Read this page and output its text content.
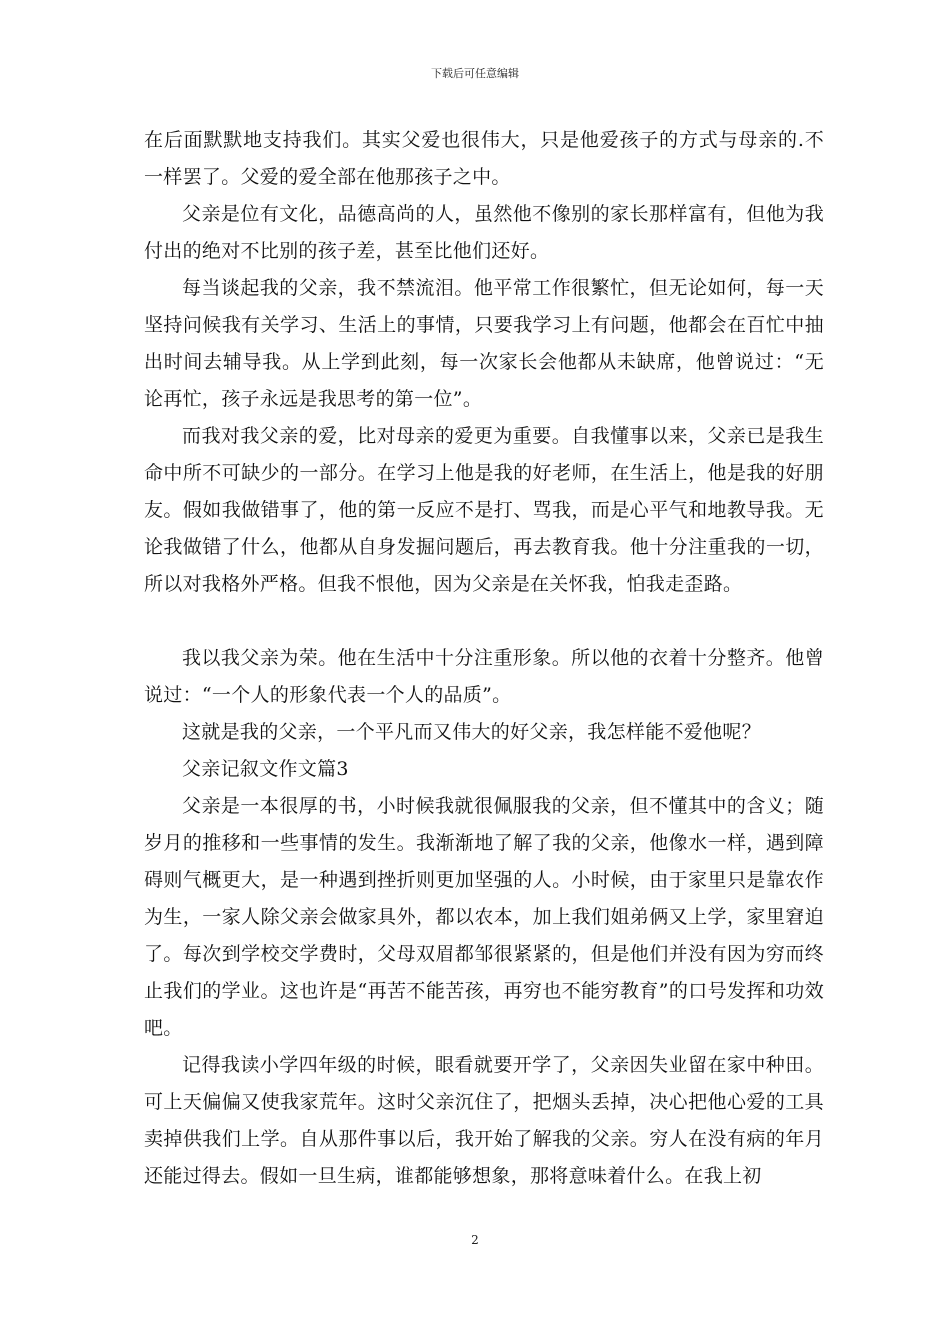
下载后可任意编辑

在后面默默地支持我们。其实父爱也很伟大，只是他爱孩子的方式与母亲的.不一样罢了。父爱的爱全部在他那孩子之中。

父亲是位有文化，品德高尚的人，虽然他不像别的家长那样富有，但他为我付出的绝对不比别的孩子差，甚至比他们还好。

每当谈起我的父亲，我不禁流泪。他平常工作很繁忙，但无论如何，每一天坚持问候我有关学习、生活上的事情，只要我学习上有问题，他都会在百忙中抽出时间去辅导我。从上学到此刻，每一次家长会他都从未缺席，他曾说过：“无论再忙，孩子永远是我思考的第一位”。

而我对我父亲的爱，比对母亲的爱更为重要。自我懂事以来，父亲已是我生命中所不可缺少的一部分。在学习上他是我的好老师，在生活上，他是我的好朋友。假如我做错事了，他的第一反应不是打、骂我，而是心平气和地教导我。无论我做错了什么，他都从自身发掘问题后，再去教育我。他十分注重我的一切，所以对我格外严格。但我不恨他，因为父亲是在关怀我，怕我走歪路。

我以我父亲为荣。他在生活中十分注重形象。所以他的衣着十分整齐。他曾说过：“一个人的形象代表一个人的品质”。

这就是我的父亲，一个平凡而又伟大的好父亲，我怎样能不爱他呢？

父亲记叙文作文篇3

父亲是一本很厚的书，小时候我就很佩服我的父亲，但不懂其中的含义；随岁月的推移和一些事情的发生。我渐渐地了解了我的父亲，他像水一样，遇到障碍则气概更大，是一种遇到挫折则更加坚强的人。小时候，由于家里只是靠农作为生，一家人除父亲会做家具外，都以农本，加上我们姐弟俩又上学，家里窘迫了。每次到学校交学费时，父母双眉都邹很紧紧的，但是他们并没有因为穷而终止我们的学业。这也许是“再苦不能苦孩，再穷也不能穷教育”的口号发挥和功效吧。

记得我读小学四年级的时候，眼看就要开学了，父亲因失业留在家中种田。可上天偏偏又使我家荒年。这时父亲沉住了，把烟头丢掉，决心把他心爱的工具卖掉供我们上学。自从那件事以后，我开始了解我的父亲。穷人在没有病的年月还能过得去。假如一旦生病，谁都能够想象，那将意味着什么。在我上初

2
